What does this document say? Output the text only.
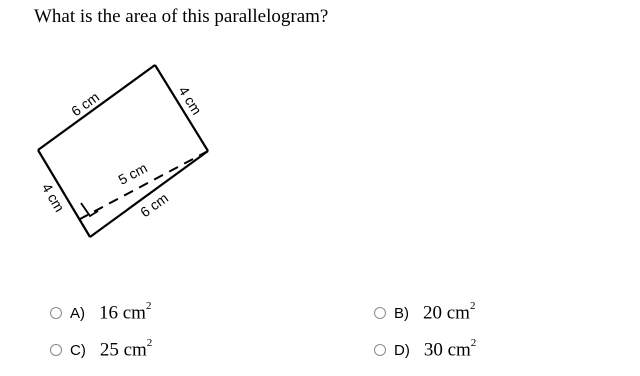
What is the area of this parallelogram?
6 cm	4 cm
5 cm
4 cm	6 cm
A) 16 $cm^2$
C) 25 $cm^2$
B) 20 $cm^2$
D) 30 $cm^2$
